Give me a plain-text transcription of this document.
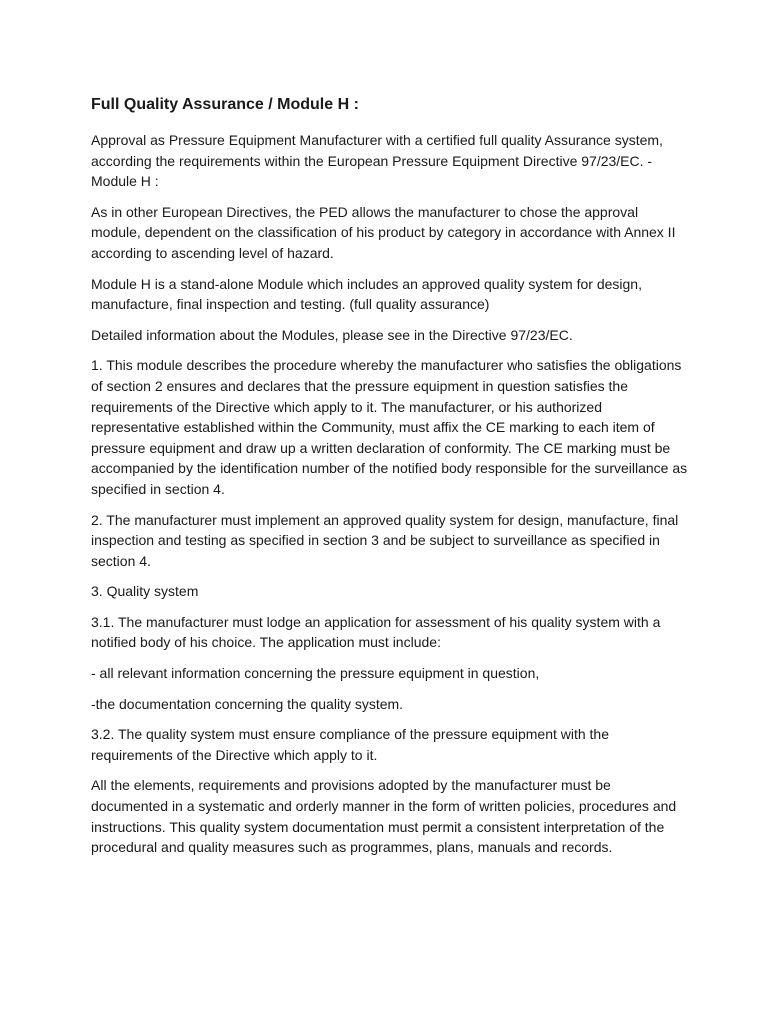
Full Quality Assurance / Module H :

Approval as Pressure Equipment Manufacturer with a certified full quality Assurance system, according the requirements within the European Pressure Equipment Directive 97/23/EC. - Module H :

As in other European Directives, the PED allows the manufacturer to chose the approval module, dependent on the classification of his product by category in accordance with Annex II according to ascending level of hazard.

Module H is a stand-alone Module which includes an approved quality system for design, manufacture, final inspection and testing. (full quality assurance)

Detailed information about the Modules, please see in the Directive 97/23/EC.

1. This module describes the procedure whereby the manufacturer who satisfies the obligations of section 2 ensures and declares that the pressure equipment in question satisfies the requirements of the Directive which apply to it. The manufacturer, or his authorized representative established within the Community, must affix the CE marking to each item of pressure equipment and draw up a written declaration of conformity. The CE marking must be accompanied by the identification number of the notified body responsible for the surveillance as specified in section 4.

2. The manufacturer must implement an approved quality system for design, manufacture, final inspection and testing as specified in section 3 and be subject to surveillance as specified in section 4.

3. Quality system

3.1. The manufacturer must lodge an application for assessment of his quality system with a notified body of his choice. The application must include:

- all relevant information concerning the pressure equipment in question,

-the documentation concerning the quality system.

3.2. The quality system must ensure compliance of the pressure equipment with the requirements of the Directive which apply to it.

All the elements, requirements and provisions adopted by the manufacturer must be documented in a systematic and orderly manner in the form of written policies, procedures and instructions. This quality system documentation must permit a consistent interpretation of the procedural and quality measures such as programmes, plans, manuals and records.
